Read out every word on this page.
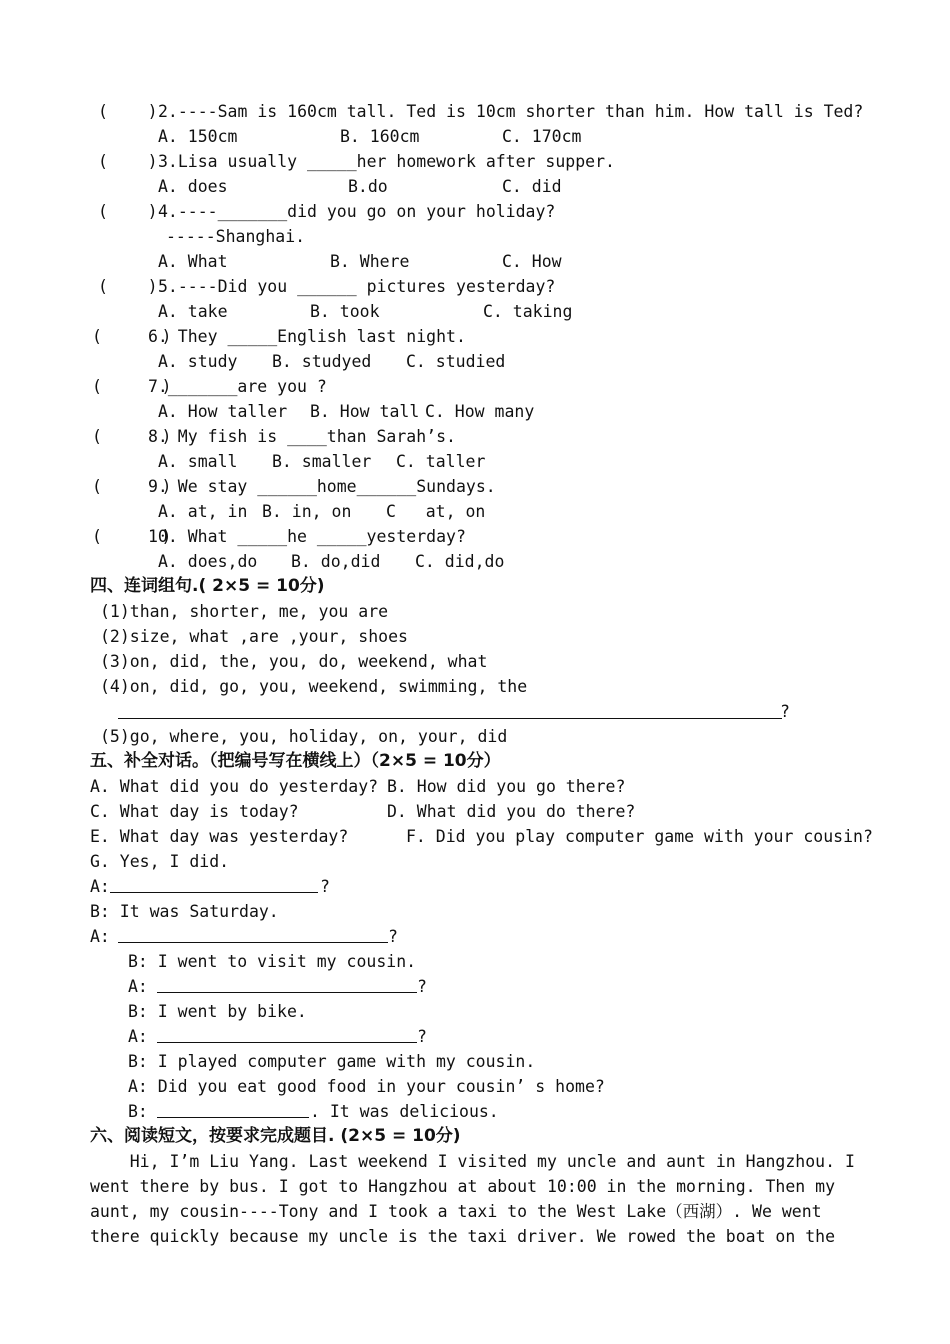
(    ) 2.----Sam is 160cm tall. Ted is 10cm shorter than him. How tall is Ted?
A. 150cm	B. 160cm	C. 170cm
(    ) 3.Lisa usually _____her homework after supper.
A. does	B.do	C. did
(    ) 4.----_______did you go on your holiday?
-----Shanghai.
A. What	B. Where	C. How
(    ) 5.----Did you ______ pictures yesterday?
A. take	B. took	C. taking
(      )
6. They _____English last night.
A. study B. studyed C. studied
(      )
7._______are you ?
A. How taller B. How tall C. How many
(      )
8. My fish is ____than Sarah’s.
A. small B. smaller C. taller
(      )
9. We stay ______home______Sundays.
A. at, in B. in, on C   at, on
(      )
10. What _____he _____yesterday?
A. does,do B. do,did C. did,do
四、连词组句.( 2×5 = 10分)
(1)than, shorter, me, you are
(2)size, what ,are ,your, shoes
(3)on, did, the, you, do, weekend, what
(4)on, did, go, you, weekend, swimming, the
?
(5)go, where, you, holiday, on, your, did
五、补全对话。（把编号写在横线上）（2×5 = 10分）
A. What did you do yesterday? B. How did you go there?
C. What day is today?	D. What did you do there?
E. What day was yesterday?	F. Did you play computer game with your cousin?
G. Yes, I did.
A:	?
B: It was Saturday.
A:	?
B: I went to visit my cousin.
A:	?
B: I went by bike.
A:	?
B: I played computer game with my cousin.
A: Did you eat good food in your cousin’ s home?
B:	. It was delicious.
六、阅读短文，按要求完成题目. (2×5 = 10分)
Hi, I’m Liu Yang. Last weekend I visited my uncle and aunt in Hangzhou. I
went there by bus. I got to Hangzhou at about 10:00 in the morning. Then my
aunt, my cousin----Tony and I took a taxi to the West Lake（西湖）. We went
there quickly because my uncle is the taxi driver. We rowed the boat on the
